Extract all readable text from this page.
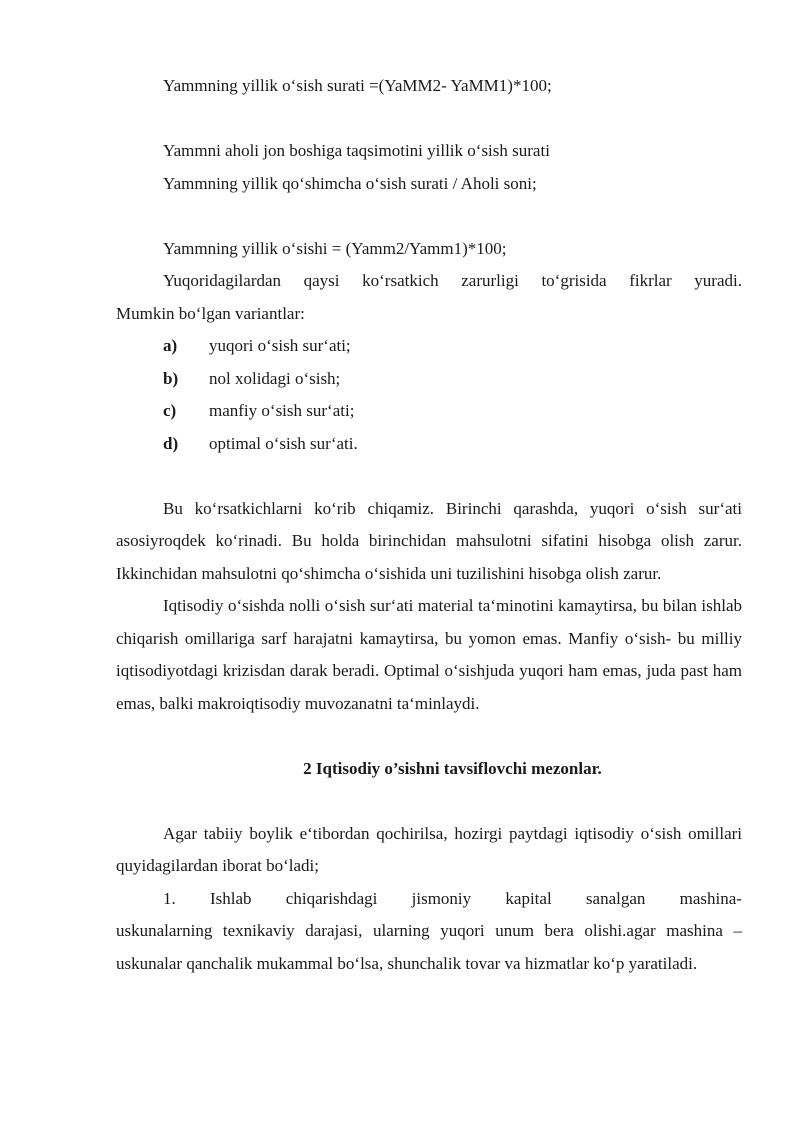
Yammning yillik o‘sish surati =(YaMM2- YaMM1)*100;

Yammni aholi jon boshiga taqsimotini yillik o‘sish surati

Yammning yillik qo‘shimcha o‘sish surati / Aholi soni;

Yammning yillik o‘sishi = (Yamm2/Yamm1)*100;

Yuqoridagilardan qaysi ko‘rsatkich zarurligi to‘grisida fikrlar yuradi.

Mumkin bo‘lgan variantlar:

a)	yuqori o‘sish sur‘ati;
b)	nol xolidagi o‘sish;
c)	manfiy o‘sish sur‘ati;
d)	optimal o‘sish sur‘ati.

Bu ko‘rsatkichlarni ko‘rib chiqamiz. Birinchi qarashda, yuqori o‘sish sur‘ati asosiyroqdek ko‘rinadi. Bu holda birinchidan mahsulotni sifatini hisobga olish zarur. Ikkinchidan mahsulotni qo‘shimcha o‘sishida uni tuzilishini hisobga olish zarur.

Iqtisodiy o‘sishda nolli o‘sish sur‘ati material ta‘minotini kamaytirsa, bu bilan ishlab chiqarish omillariga sarf harajatni kamaytirsa, bu yomon emas. Manfiy o‘sish- bu milliy iqtisodiyotdagi krizisdan darak beradi. Optimal o‘sishjuda yuqori ham emas, juda past ham emas, balki makroiqtisodiy muvozanatni ta‘minlaydi.

2 Iqtisodiy o’sishni tavsiflovchi mezonlar.

Agar tabiiy boylik e‘tibordan qochirilsa, hozirgi paytdagi iqtisodiy o‘sish omillari quyidagilardan iborat bo‘ladi;

1. Ishlab chiqarishdagi jismoniy kapital sanalgan mashina-

uskunalarning texnikaviy darajasi, ularning yuqori unum bera olishi.agar mashina – uskunalar qanchalik mukammal bo‘lsa, shunchalik tovar va hizmatlar ko‘p yaratiladi.
